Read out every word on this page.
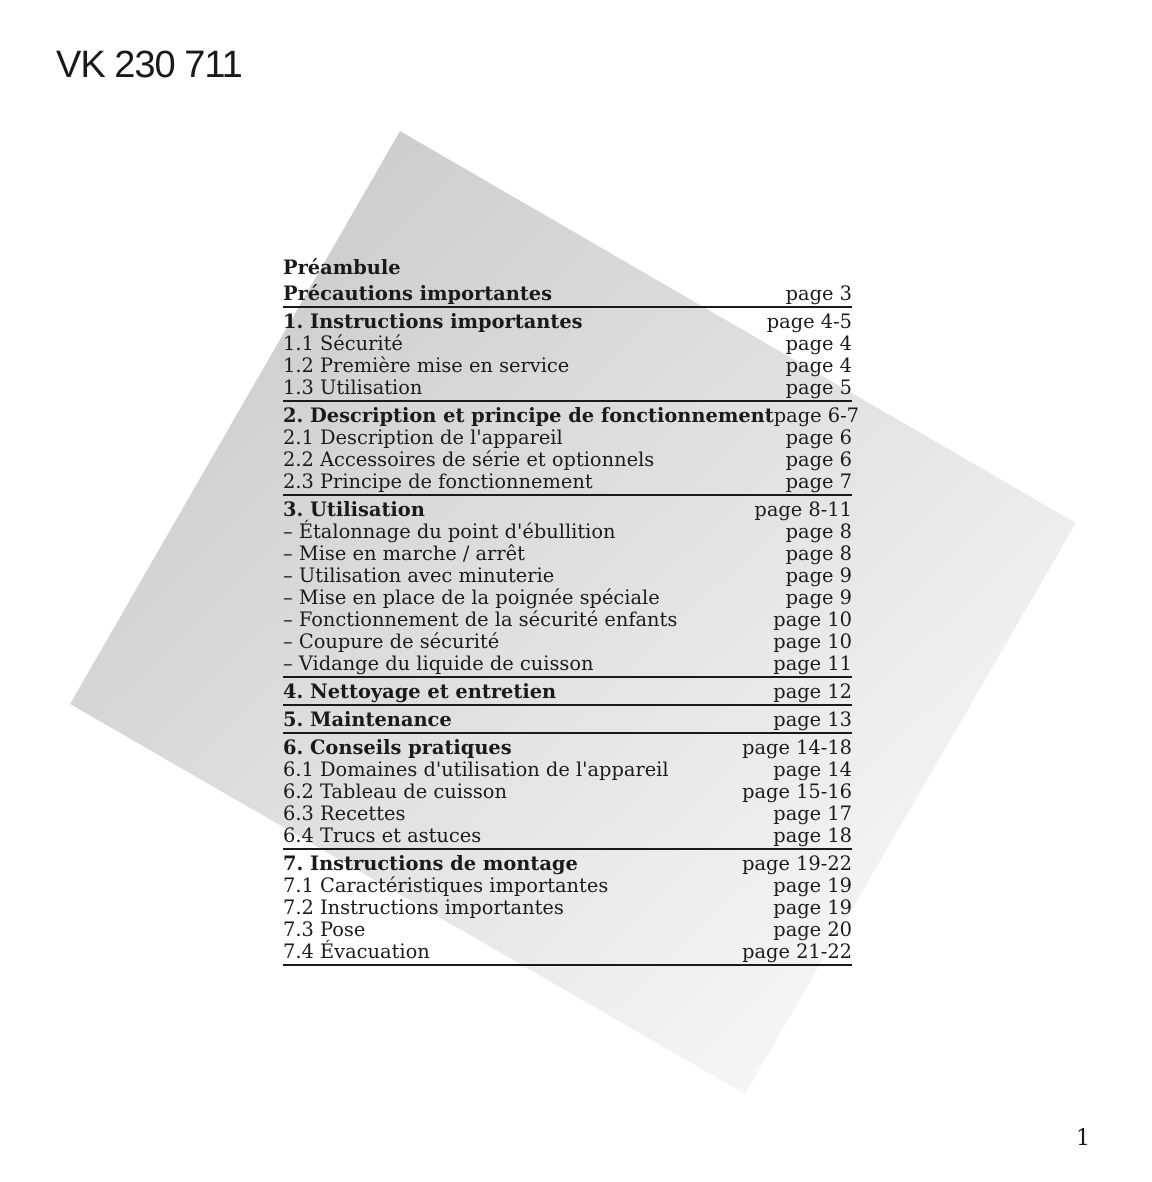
VK 230 711
Préambule
Précautions importantes	page 3
1. Instructions importantes	page 4-5
1.1 Sécurité	page 4
1.2 Première mise en service	page 4
1.3 Utilisation	page 5
2. Description et principe de fonctionnement page 6-7
2.1 Description de l'appareil	page 6
2.2 Accessoires de série et optionnels	page 6
2.3 Principe de fonctionnement	page 7
3. Utilisation	page 8-11
– Étalonnage du point d'ébullition	page 8
– Mise en marche / arrêt	page 8
– Utilisation avec minuterie	page 9
– Mise en place de la poignée spéciale	page 9
– Fonctionnement de la sécurité enfants	page 10
– Coupure de sécurité	page 10
– Vidange du liquide de cuisson	page 11
4. Nettoyage et entretien	page 12
5. Maintenance	page 13
6. Conseils pratiques	page 14-18
6.1 Domaines d'utilisation de l'appareil	page 14
6.2 Tableau de cuisson	page 15-16
6.3 Recettes	page 17
6.4 Trucs et astuces	page 18
7. Instructions de montage	page 19-22
7.1 Caractéristiques importantes	page 19
7.2 Instructions importantes	page 19
7.3 Pose	page 20
7.4 Évacuation	page 21-22
1
